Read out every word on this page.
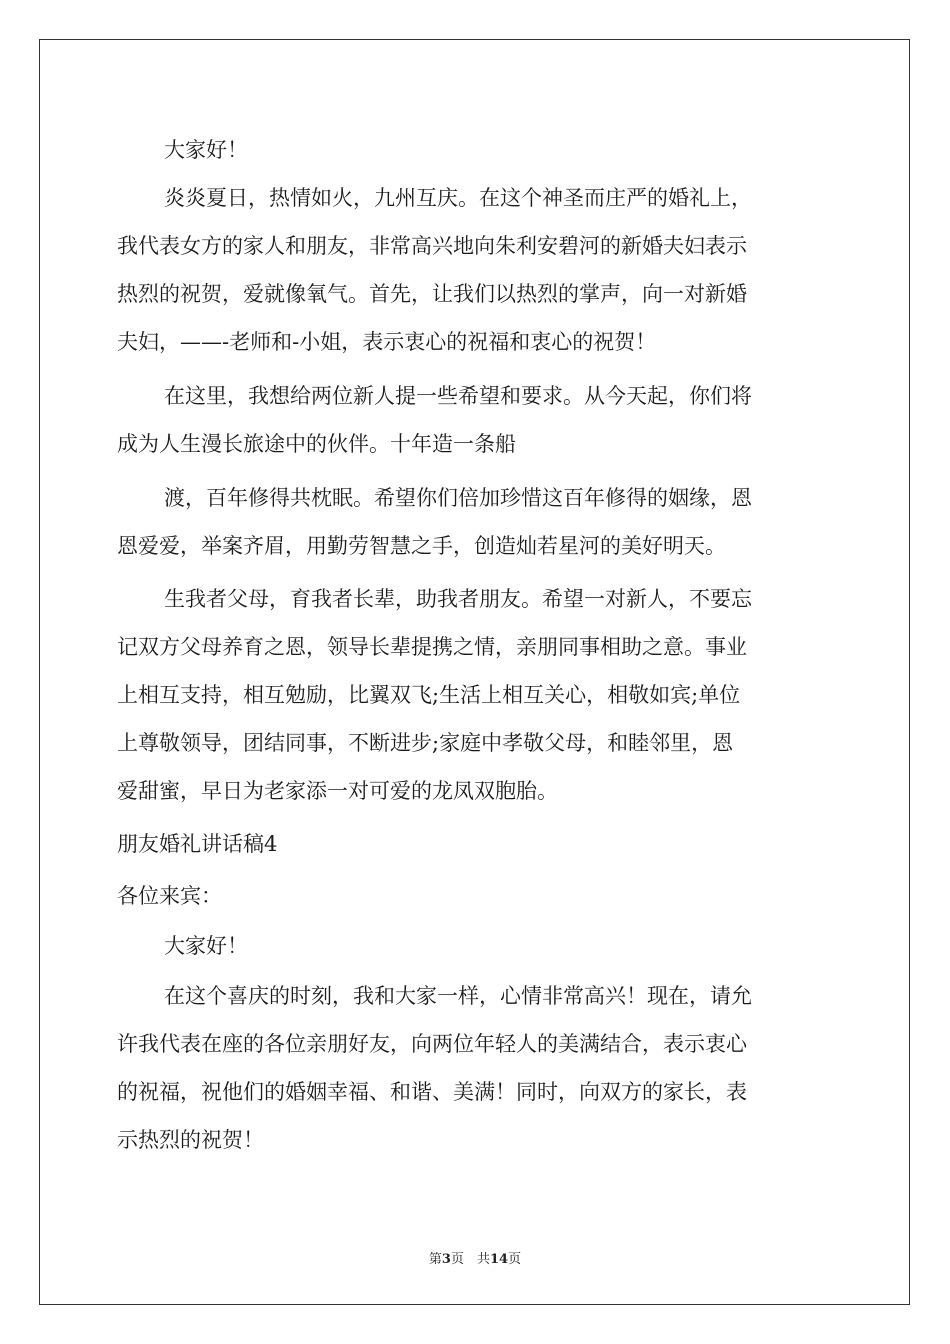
大家好！
炎炎夏日，热情如火，九州互庆。在这个神圣而庄严的婚礼上，
我代表女方的家人和朋友，非常高兴地向朱利安碧河的新婚夫妇表示
热烈的祝贺，爱就像氧气。首先，让我们以热烈的掌声，向一对新婚
夫妇，——-老师和-小姐，表示衷心的祝福和衷心的祝贺！
在这里，我想给两位新人提一些希望和要求。从今天起，你们将
成为人生漫长旅途中的伙伴。十年造一条船
渡，百年修得共枕眠。希望你们倍加珍惜这百年修得的姻缘，恩
恩爱爱，举案齐眉，用勤劳智慧之手，创造灿若星河的美好明天。
生我者父母，育我者长辈，助我者朋友。希望一对新人，不要忘
记双方父母养育之恩，领导长辈提携之情，亲朋同事相助之意。事业
上相互支持，相互勉励，比翼双飞;生活上相互关心，相敬如宾;单位
上尊敬领导，团结同事，不断进步;家庭中孝敬父母，和睦邻里，恩
爱甜蜜，早日为老家添一对可爱的龙凤双胞胎。
朋友婚礼讲话稿4
各位来宾：
大家好！
在这个喜庆的时刻，我和大家一样，心情非常高兴！现在，请允
许我代表在座的各位亲朋好友，向两位年轻人的美满结合，表示衷心
的祝福，祝他们的婚姻幸福、和谐、美满！同时，向双方的家长，表
示热烈的祝贺！
第3页　共14页
